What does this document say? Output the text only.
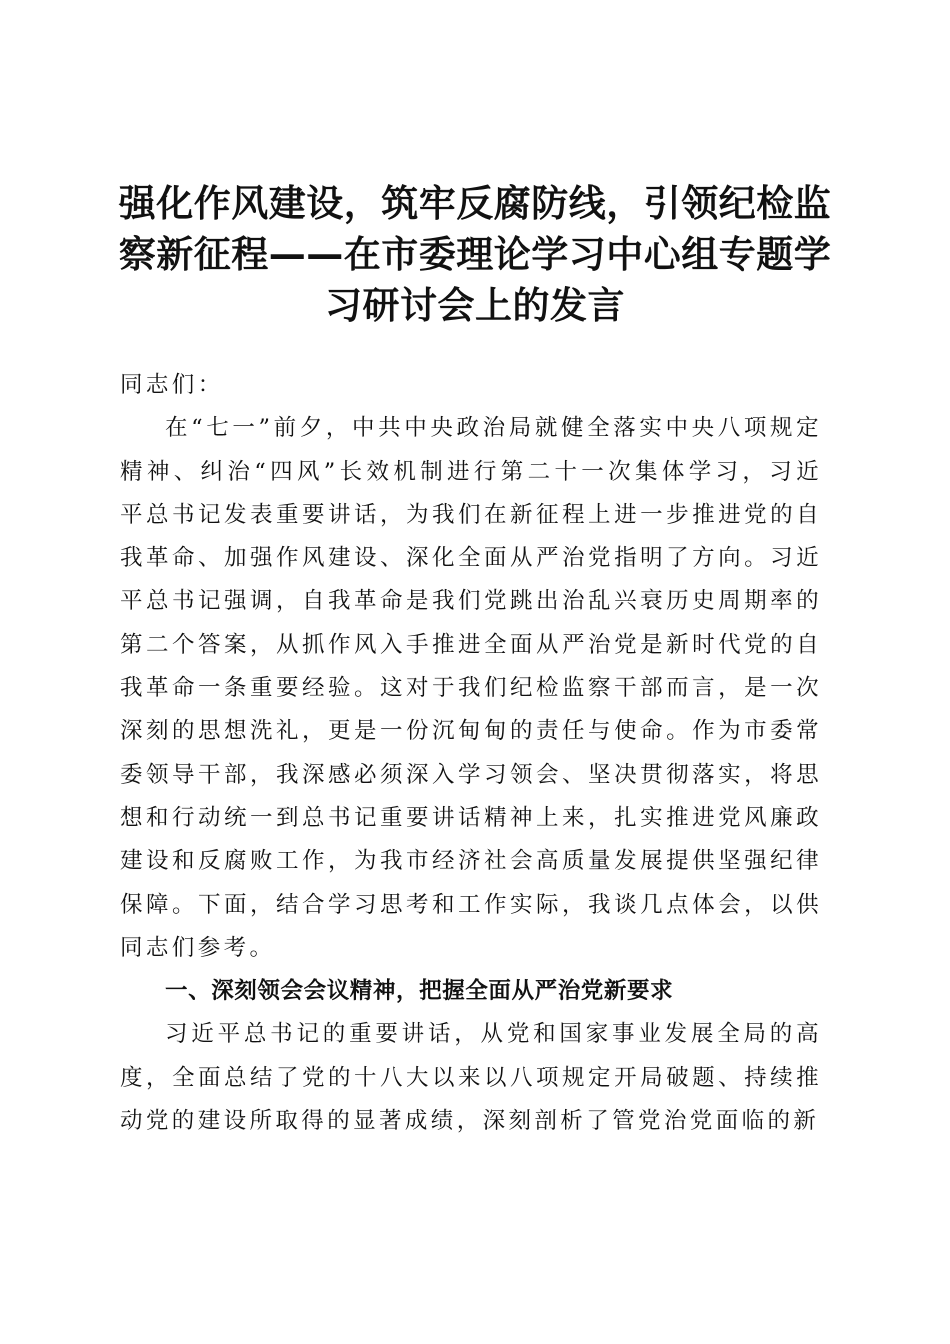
强化作风建设，筑牢反腐防线，引领纪检监察新征程——在市委理论学习中心组专题学习研讨会上的发言

同志们：

在“七一”前夕，中共中央政治局就健全落实中央八项规定精神、纠治“四风”长效机制进行第二十一次集体学习，习近平总书记发表重要讲话，为我们在新征程上进一步推进党的自我革命、加强作风建设、深化全面从严治党指明了方向。习近平总书记强调，自我革命是我们党跳出治乱兴衰历史周期率的第二个答案，从抓作风入手推进全面从严治党是新时代党的自我革命一条重要经验。这对于我们纪检监察干部而言，是一次深刻的思想洗礼，更是一份沉甸甸的责任与使命。作为市委常委领导干部，我深感必须深入学习领会、坚决贯彻落实，将思想和行动统一到总书记重要讲话精神上来，扎实推进党风廉政建设和反腐败工作，为我市经济社会高质量发展提供坚强纪律保障。下面，结合学习思考和工作实际，我谈几点体会，以供同志们参考。

一、深刻领会会议精神，把握全面从严治党新要求

习近平总书记的重要讲话，从党和国家事业发展全局的高度，全面总结了党的十八大以来以八项规定开局破题、持续推动党的建设所取得的显著成绩，深刻剖析了管党治党面临的新
